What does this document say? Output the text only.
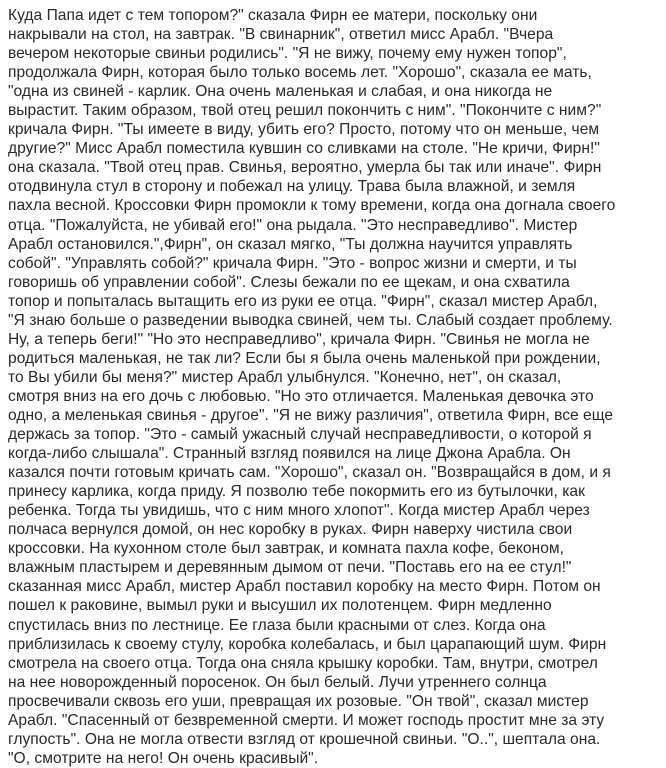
Куда Папа идет с тем топором?" сказала Фирн ее матери, поскольку они
накрывали на стол, на завтрак. "В свинарник", ответил мисс Арабл. "Вчера
вечером некоторые свиньи родились". "Я не вижу, почему ему нужен топор",
продолжала Фирн, которая было только восемь лет. "Хорошо", сказала ее мать,
"одна из свиней - карлик. Она очень маленькая и слабая, и она никогда не
вырастит. Таким образом, твой отец решил покончить с ним". "Покончите с ним?"
кричала Фирн. "Ты имеете в виду, убить его? Просто, потому что он меньше, чем
другие?" Мисс Арабл поместила кувшин со сливками на столе. "Не кричи, Фирн!"
она сказала. "Твой отец прав. Свинья, вероятно, умерла бы так или иначе". Фирн
отодвинула стул в сторону и побежал на улицу. Трава была влажной, и земля
пахла весной. Кроссовки Фирн промокли к тому времени, когда она догнала своего
отца. "Пожалуйста, не убивай его!" она рыдала. "Это несправедливо". Мистер
Арабл остановился.",Фирн", он сказал мягко, "Ты должна научится управлять
собой". "Управлять собой?" кричала Фирн. "Это - вопрос жизни и смерти, и ты
говоришь об управлении собой". Слезы бежали по ее щекам, и она схватила
топор и попыталась вытащить его из руки ее отца. "Фирн", сказал мистер Арабл,
"Я знаю больше о разведении выводка свиней, чем ты. Слабый создает проблему.
Ну, а теперь беги!" "Но это несправедливо", кричала Фирн. "Свинья не могла не
родиться маленькая, не так ли? Если бы я была очень маленькой при рождении,
то Вы убили бы меня?" мистер Арабл улыбнулся. "Конечно, нет", он сказал,
смотря вниз на его дочь с любовью. "Но это отличается. Маленькая девочка это
одно, а меленькая свинья - другое". "Я не вижу различия", ответила Фирн, все еще
держась за топор. "Это - самый ужасный случай несправедливости, о которой я
когда-либо слышала". Странный взгляд появился на лице Джона Арабла. Он
казался почти готовым кричать сам. "Хорошо", сказал он. "Возвращайся в дом, и я
принесу карлика, когда приду. Я позволю тебе покормить его из бутылочки, как
ребенка. Тогда ты увидишь, что с ним много хлопот". Когда мистер Арабл через
полчаса вернулся домой, он нес коробку в руках. Фирн наверху чистила свои
кроссовки. На кухонном столе был завтрак, и комната пахла кофе, беконом,
влажным пластырем и деревянным дымом от печи. "Поставь его на ее стул!"
сказанная мисс Арабл, мистер Арабл поставил коробку на место Фирн. Потом он
пошел к раковине, вымыл руки и высушил их полотенцем. Фирн медленно
спустилась вниз по лестнице. Ее глаза были красными от слез. Когда она
приблизилась к своему стулу, коробка колебалась, и был царапающий шум. Фирн
смотрела на своего отца. Тогда она сняла крышку коробки. Там, внутри, смотрел
на нее новорожденный поросенок. Он был белый. Лучи утреннего солнца
просвечивали сквозь его уши, превращая их розовые. "Он твой", сказал мистер
Арабл. "Спасенный от безвременной смерти. И может господь простит мне за эту
глупость". Она не могла отвести взгляд от крошечной свиньи. "О..", шептала она.
"О, смотрите на него! Он очень красивый".
